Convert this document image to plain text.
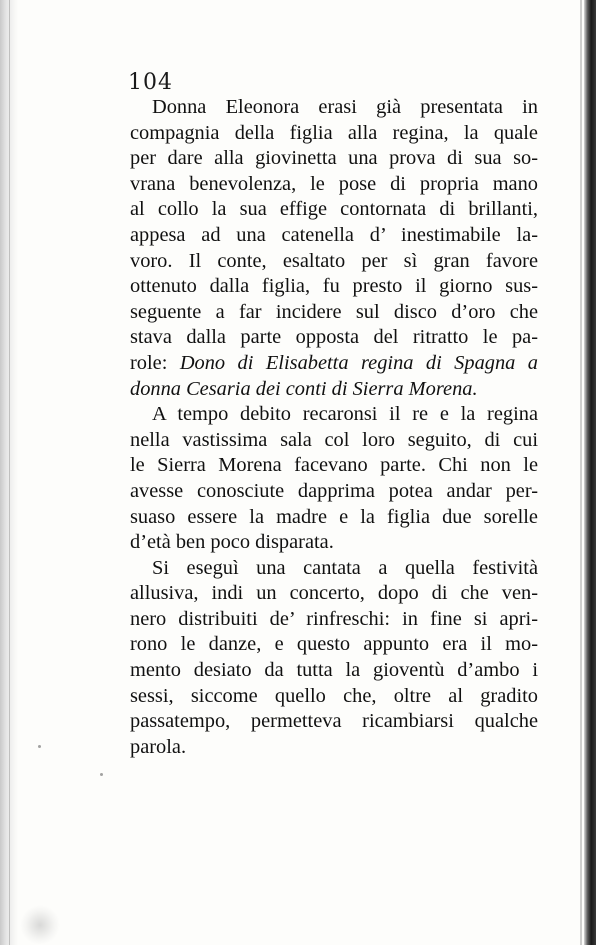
104

Donna Eleonora erasi già presentata in
compagnia della figlia alla regina, la quale
per dare alla giovinetta una prova di sua so-
vrana benevolenza, le pose di propria mano
al collo la sua effige contornata di brillanti,
appesa ad una catenella d’ inestimabile la-
voro. Il conte, esaltato per sì gran favore
ottenuto dalla figlia, fu presto il giorno sus-
seguente a far incidere sul disco d’oro che
stava dalla parte opposta del ritratto le pa-
role: Dono di Elisabetta regina di Spagna a
donna Cesaria dei conti di Sierra Morena.

A tempo debito recaronsi il re e la regina
nella vastissima sala col loro seguito, di cui
le Sierra Morena facevano parte. Chi non le
avesse conosciute dapprima potea andar per-
suaso essere la madre e la figlia due sorelle
d’età ben poco disparata.

Si eseguì una cantata a quella festività
allusiva, indi un concerto, dopo di che ven-
nero distribuiti de’ rinfreschi: in fine si apri-
rono le danze, e questo appunto era il mo-
mento desiato da tutta la gioventù d’ambo i
sessi, siccome quello che, oltre al gradito
passatempo, permetteva ricambiarsi qualche
parola.
